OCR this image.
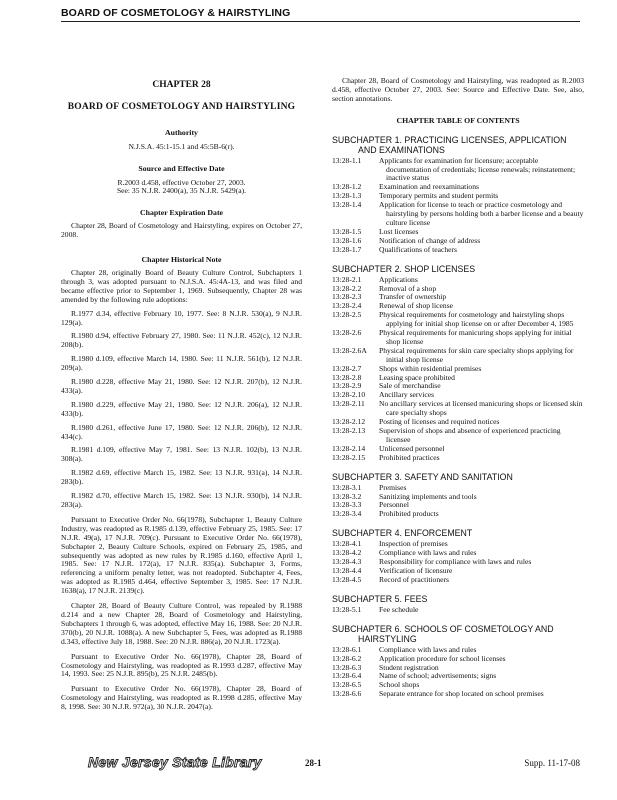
BOARD OF COSMETOLOGY & HAIRSTYLING
CHAPTER 28
BOARD OF COSMETOLOGY AND HAIRSTYLING
Authority
N.J.S.A. 45:1-15.1 and 45:5B-6(r).
Source and Effective Date
R.2003 d.458, effective October 27, 2003.
See: 35 N.J.R. 2400(a), 35 N.J.R. 5429(a).
Chapter Expiration Date
Chapter 28, Board of Cosmetology and Hairstyling, expires on October 27, 2008.
Chapter Historical Note
Chapter 28, originally Board of Beauty Culture Control, Subchapters 1 through 3, was adopted pursuant to N.J.S.A. 45:4A-13, and was filed and became effective prior to September 1, 1969. Subsequently, Chapter 28 was amended by the following rule adoptions:
R.1977 d.34, effective February 10, 1977. See: 8 N.J.R. 530(a), 9 N.J.R. 129(a).
R.1980 d.94, effective February 27, 1980. See: 11 N.J.R. 452(c), 12 N.J.R. 208(b).
R.1980 d.109, effective March 14, 1980. See: 11 N.J.R. 561(b), 12 N.J.R. 209(a).
R.1980 d.228, effective May 21, 1980. See: 12 N.J.R. 207(b), 12 N.J.R. 433(a).
R.1980 d.229, effective May 21, 1980. See: 12 N.J.R. 206(a), 12 N.J.R. 433(b).
R.1980 d.261, effective June 17, 1980. See: 12 N.J.R. 206(b), 12 N.J.R. 434(c).
R.1981 d.109, effective May 7, 1981. See: 13 N.J.R. 102(b), 13 N.J.R. 308(a).
R.1982 d.69, effective March 15, 1982. See: 13 N.J.R. 931(a), 14 N.J.R. 283(b).
R.1982 d.70, effective March 15, 1982. See: 13 N.J.R. 930(b), 14 N.J.R. 283(a).
Pursuant to Executive Order No. 66(1978), Subchapter 1, Beauty Culture Industry, was readopted as R.1985 d.139, effective February 25, 1985. See: 17 N.J.R. 49(a), 17 N.J.R. 709(c). Pursuant to Executive Order No. 66(1978), Subchapter 2, Beauty Culture Schools, expired on February 25, 1985, and subsequently was adopted as new rules by R.1985 d.160, effective April 1, 1985. See: 17 N.J.R. 172(a), 17 N.J.R. 835(a). Subchapter 3, Forms, referencing a uniform penalty letter, was not readopted. Subchapter 4, Fees, was adopted as R.1985 d.464, effective September 3, 1985. See: 17 N.J.R. 1638(a), 17 N.J.R. 2139(c).
Chapter 28, Board of Beauty Culture Control, was repealed by R.1988 d.214 and a new Chapter 28, Board of Cosmetology and Hairstyling, Subchapters 1 through 6, was adopted, effective May 16, 1988. See: 20 N.J.R. 370(b), 20 N.J.R. 1088(a). A new Subchapter 5, Fees, was adopted as R.1988 d.343, effective July 18, 1988. See: 20 N.J.R. 886(a), 20 N.J.R. 1723(a).
Pursuant to Executive Order No. 66(1978), Chapter 28, Board of Cosmetology and Hairstyling, was readopted as R.1993 d.287, effective May 14, 1993. See: 25 N.J.R. 895(b), 25 N.J.R. 2485(b).
Pursuant to Executive Order No. 66(1978), Chapter 28, Board of Cosmetology and Hairstyling, was readopted as R.1998 d.285, effective May 8, 1998. See: 30 N.J.R. 972(a), 30 N.J.R. 2047(a).
Chapter 28, Board of Cosmetology and Hairstyling, was readopted as R.2003 d.458, effective October 27, 2003. See: Source and Effective Date. See, also, section annotations.
CHAPTER TABLE OF CONTENTS
SUBCHAPTER 1. PRACTICING LICENSES, APPLICATION
AND EXAMINATIONS
13:28-1.1	Applicants for examination for licensure; acceptable documentation of credentials; license renewals; reinstatement; inactive status
13:28-1.2	Examination and reexaminations
13:28-1.3	Temporary permits and student permits
13:28-1.4	Application for license to teach or practice cosmetology and hairstyling by persons holding both a barber license and a beauty culture license
13:28-1.5	Lost licenses
13:28-1.6	Notification of change of address
13:28-1.7	Qualifications of teachers
SUBCHAPTER 2. SHOP LICENSES
13:28-2.1	Applications
13:28-2.2	Removal of a shop
13:28-2.3	Transfer of ownership
13:28-2.4	Renewal of shop license
13:28-2.5	Physical requirements for cosmetology and hairstyling shops applying for initial shop license on or after December 4, 1985
13:28-2.6	Physical requirements for manicuring shops applying for initial shop license
13:28-2.6A	Physical requirements for skin care specialty shops applying for initial shop license
13:28-2.7	Shops within residential premises
13:28-2.8	Leasing space prohibited
13:28-2.9	Sale of merchandise
13:28-2.10	Ancillary services
13:28-2.11	No ancillary services at licensed manicuring shops or licensed skin care specialty shops
13:28-2.12	Posting of licenses and required notices
13:28-2.13	Supervision of shops and absence of experienced practicing licensee
13:28-2.14	Unlicensed personnel
13:28-2.15	Prohibited practices
SUBCHAPTER 3. SAFETY AND SANITATION
13:28-3.1	Premises
13:28-3.2	Sanitizing implements and tools
13:28-3.3	Personnel
13:28-3.4	Prohibited products
SUBCHAPTER 4. ENFORCEMENT
13:28-4.1	Inspection of premises
13:28-4.2	Compliance with laws and rules
13:28-4.3	Responsibility for compliance with laws and rules
13:28-4.4	Verification of licensure
13:28-4.5	Record of practitioners
SUBCHAPTER 5. FEES
13:28-5.1	Fee schedule
SUBCHAPTER 6. SCHOOLS OF COSMETOLOGY AND
HAIRSTYLING
13:28-6.1	Compliance with laws and rules
13:28-6.2	Application procedure for school licenses
13:28-6.3	Student registration
13:28-6.4	Name of school; advertisements; signs
13:28-6.5	School shops
13:28-6.6	Separate entrance for shop located on school premises
New Jersey State Library	28-1	Supp. 11-17-08
